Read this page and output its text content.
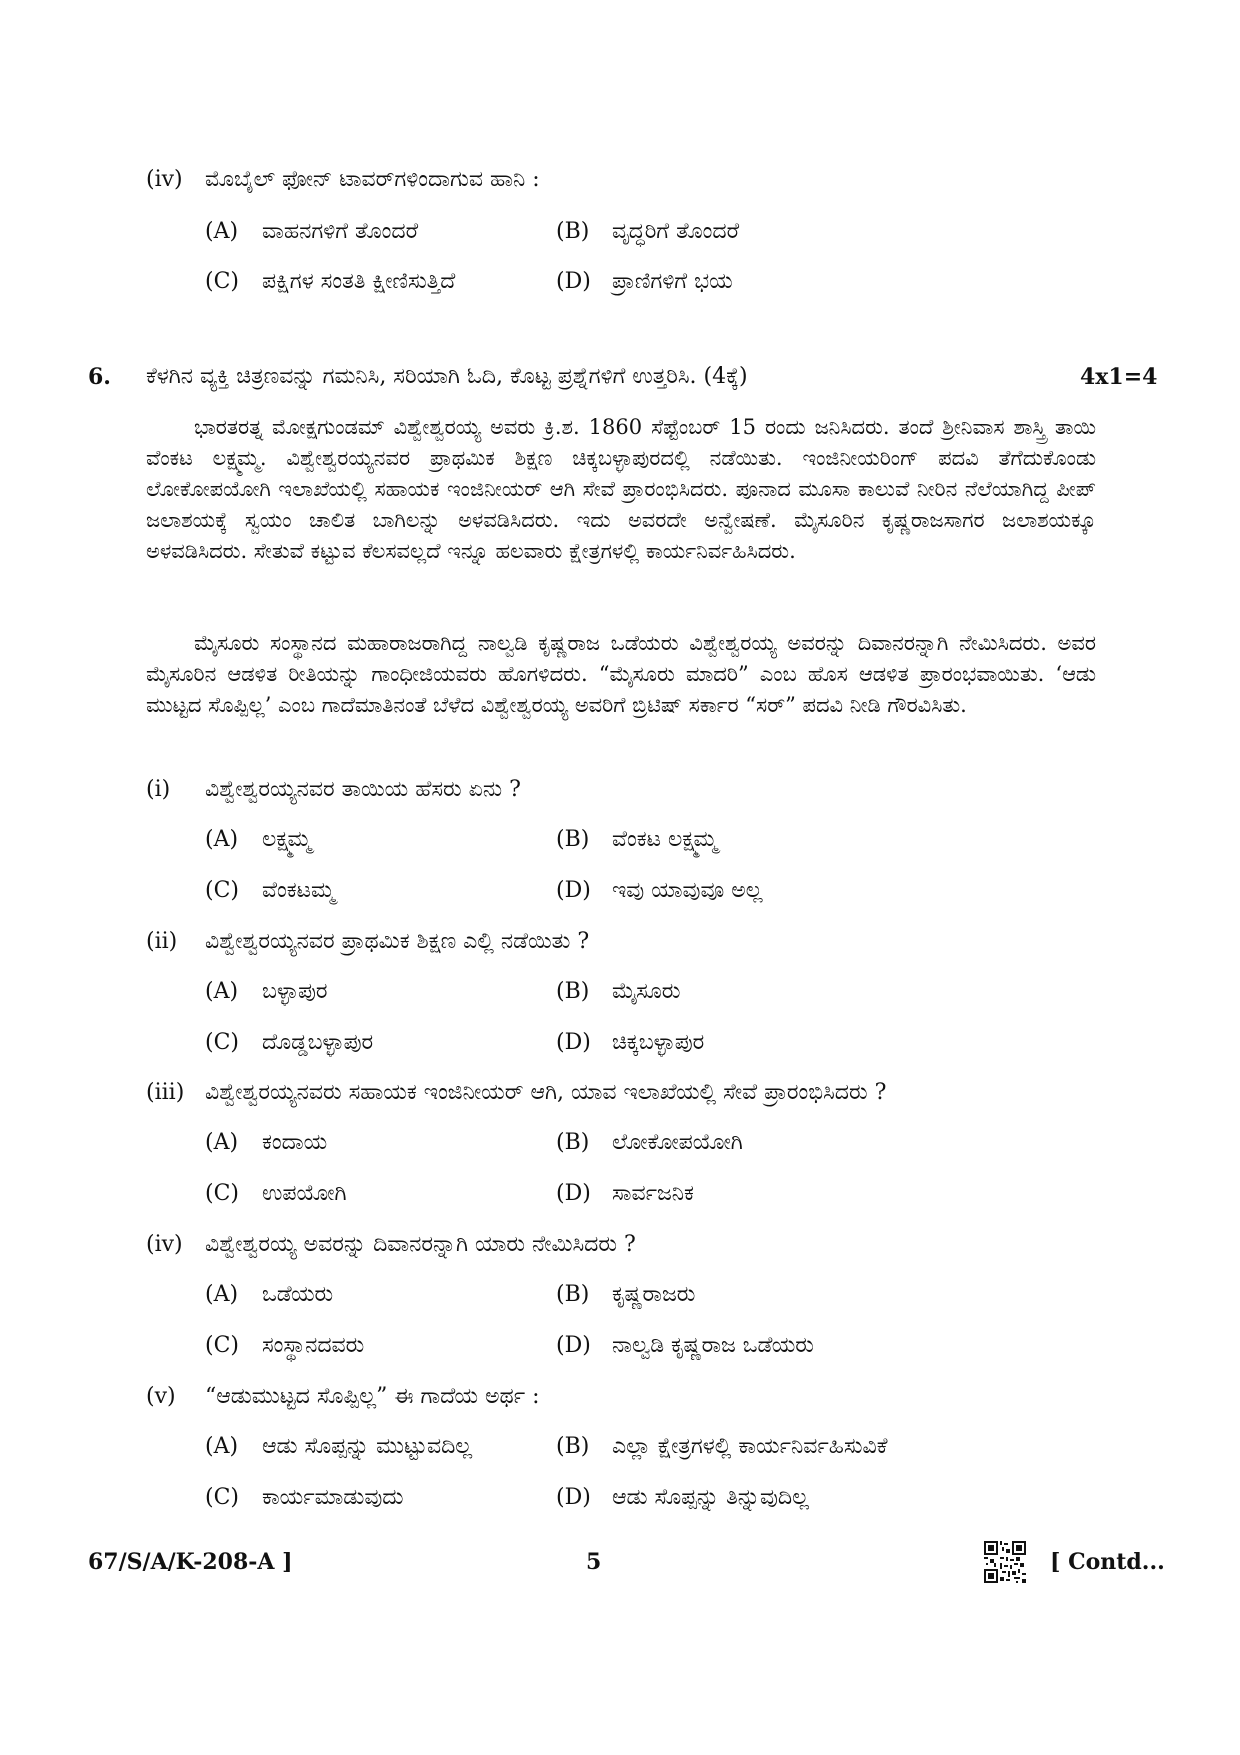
(iv) ಮೊಬೈಲ್ ಫೋನ್ ಟಾವರ್‌ಗಳಿಂದಾಗುವ ಹಾನಿ :
(A) ವಾಹನಗಳಿಗೆ ತೊಂದರೆ	(B) ವೃದ್ಧರಿಗೆ ತೊಂದರೆ
(C) ಪಕ್ಷಿಗಳ ಸಂತತಿ ಕ್ಷೀಣಿಸುತ್ತಿದೆ	(D) ಪ್ರಾಣಿಗಳಿಗೆ ಭಯ
6. ಕೆಳಗಿನ ವ್ಯಕ್ತಿ ಚಿತ್ರಣವನ್ನು ಗಮನಿಸಿ, ಸರಿಯಾಗಿ ಓದಿ, ಕೊಟ್ಟ ಪ್ರಶ್ನೆಗಳಿಗೆ ಉತ್ತರಿಸಿ. (4ಕ್ಕೆ)	4x1=4

ಭಾರತರತ್ನ ಮೋಕ್ಷಗುಂಡಮ್ ವಿಶ್ವೇಶ್ವರಯ್ಯ ಅವರು ಕ್ರಿ.ಶ. 1860 ಸೆಪ್ಟೆಂಬರ್ 15 ರಂದು ಜನಿಸಿದರು. ತಂದೆ ಶ್ರೀನಿವಾಸ ಶಾಸ್ತ್ರಿ ತಾಯಿ ವೆಂಕಟ ಲಕ್ಷ್ಮಮ್ಮ. ವಿಶ್ವೇಶ್ವರಯ್ಯನವರ ಪ್ರಾಥಮಿಕ ಶಿಕ್ಷಣ ಚಿಕ್ಕಬಳ್ಳಾಪುರದಲ್ಲಿ ನಡೆಯಿತು. ಇಂಜಿನೀಯರಿಂಗ್ ಪದವಿ ತೆಗೆದುಕೊಂಡು ಲೋಕೋಪಯೋಗಿ ಇಲಾಖೆಯಲ್ಲಿ ಸಹಾಯಕ ಇಂಜಿನೀಯರ್ ಆಗಿ ಸೇವೆ ಪ್ರಾರಂಭಿಸಿದರು. ಪೂನಾದ ಮೂಸಾ ಕಾಲುವೆ ನೀರಿನ ನೆಲೆಯಾಗಿದ್ದ ಪೀಪ್ ಜಲಾಶಯಕ್ಕೆ ಸ್ವಯಂ ಚಾಲಿತ ಬಾಗಿಲನ್ನು ಅಳವಡಿಸಿದರು. ಇದು ಅವರದೇ ಅನ್ವೇಷಣೆ. ಮೈಸೂರಿನ ಕೃಷ್ಣರಾಜಸಾಗರ ಜಲಾಶಯಕ್ಕೂ ಅಳವಡಿಸಿದರು. ಸೇತುವೆ ಕಟ್ಟುವ ಕೆಲಸವಲ್ಲದೆ ಇನ್ನೂ ಹಲವಾರು ಕ್ಷೇತ್ರಗಳಲ್ಲಿ ಕಾರ್ಯನಿರ್ವಹಿಸಿದರು.

ಮೈಸೂರು ಸಂಸ್ಥಾನದ ಮಹಾರಾಜರಾಗಿದ್ದ ನಾಲ್ವಡಿ ಕೃಷ್ಣರಾಜ ಒಡೆಯರು ವಿಶ್ವೇಶ್ವರಯ್ಯ ಅವರನ್ನು ದಿವಾನರನ್ನಾಗಿ ನೇಮಿಸಿದರು. ಅವರ ಮೈಸೂರಿನ ಆಡಳಿತ ರೀತಿಯನ್ನು ಗಾಂಧೀಜಿಯವರು ಹೊಗಳಿದರು. “ಮೈಸೂರು ಮಾದರಿ” ಎಂಬ ಹೊಸ ಆಡಳಿತ ಪ್ರಾರಂಭವಾಯಿತು. ‘ಆಡು ಮುಟ್ಟದ ಸೊಪ್ಪಿಲ್ಲ’ ಎಂಬ ಗಾದೆಮಾತಿನಂತೆ ಬೆಳೆದ ವಿಶ್ವೇಶ್ವರಯ್ಯ ಅವರಿಗೆ ಬ್ರಿಟಿಷ್ ಸರ್ಕಾರ “ಸರ್” ಪದವಿ ನೀಡಿ ಗೌರವಿಸಿತು.

(i) ವಿಶ್ವೇಶ್ವರಯ್ಯನವರ ತಾಯಿಯ ಹೆಸರು ಏನು ?
(A) ಲಕ್ಷ್ಮಮ್ಮ	(B) ವೆಂಕಟ ಲಕ್ಷ್ಮಮ್ಮ
(C) ವೆಂಕಟಮ್ಮ	(D) ಇವು ಯಾವುವೂ ಅಲ್ಲ
(ii) ವಿಶ್ವೇಶ್ವರಯ್ಯನವರ ಪ್ರಾಥಮಿಕ ಶಿಕ್ಷಣ ಎಲ್ಲಿ ನಡೆಯಿತು ?
(A) ಬಳ್ಳಾಪುರ	(B) ಮೈಸೂರು
(C) ದೊಡ್ಡಬಳ್ಳಾಪುರ	(D) ಚಿಕ್ಕಬಳ್ಳಾಪುರ
(iii) ವಿಶ್ವೇಶ್ವರಯ್ಯನವರು ಸಹಾಯಕ ಇಂಜಿನೀಯರ್ ಆಗಿ, ಯಾವ ಇಲಾಖೆಯಲ್ಲಿ ಸೇವೆ ಪ್ರಾರಂಭಿಸಿದರು ?
(A) ಕಂದಾಯ	(B) ಲೋಕೋಪಯೋಗಿ
(C) ಉಪಯೋಗಿ	(D) ಸಾರ್ವಜನಿಕ
(iv) ವಿಶ್ವೇಶ್ವರಯ್ಯ ಅವರನ್ನು ದಿವಾನರನ್ನಾಗಿ ಯಾರು ನೇಮಿಸಿದರು ?
(A) ಒಡೆಯರು	(B) ಕೃಷ್ಣರಾಜರು
(C) ಸಂಸ್ಥಾನದವರು	(D) ನಾಲ್ವಡಿ ಕೃಷ್ಣರಾಜ ಒಡೆಯರು
(v) “ಆಡುಮುಟ್ಟದ ಸೊಪ್ಪಿಲ್ಲ” ಈ ಗಾದೆಯ ಅರ್ಥ :
(A) ಆಡು ಸೊಪ್ಪನ್ನು ಮುಟ್ಟುವದಿಲ್ಲ	(B) ಎಲ್ಲಾ ಕ್ಷೇತ್ರಗಳಲ್ಲಿ ಕಾರ್ಯನಿರ್ವಹಿಸುವಿಕೆ
(C) ಕಾರ್ಯಮಾಡುವುದು	(D) ಆಡು ಸೊಪ್ಪನ್ನು ತಿನ್ನುವುದಿಲ್ಲ
67/S/A/K-208-A ]	5	[ Contd...
